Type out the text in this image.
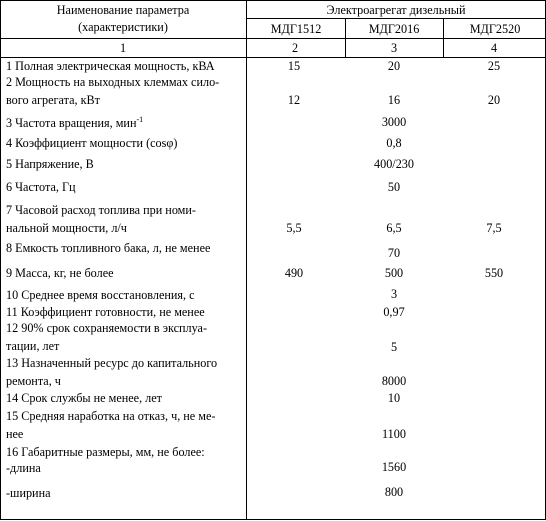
Наименование параметра
(характеристики)
Электроагрегат дизельный
МДГ1512	МДГ2016	МДГ2520
1	2	3	4
1 Полная электрическая мощность, кВА	15	20	25
2 Мощность на выходных клеммах сило-
вого агрегата, кВт	12	16	20
3 Частота вращения, мин$^{-1}$	3000
4 Коэффициент мощности (cosφ)	0,8
5 Напряжение, В	400/230
6 Частота, Гц	50
7 Часовой расход топлива при номи-
нальной мощности, л/ч	5,5	6,5	7,5
8 Емкость топливного бака, л, не менее	70
9 Масса, кг, не более	490	500	550
10 Среднее время восстановления, с	3
11 Коэффициент готовности, не менее	0,97
12 90% срок сохраняемости в эксплуа-
тации, лет	5
13 Назначенный ресурс до капитального
ремонта, ч	8000
14 Срок службы не менее, лет	10
15 Средняя наработка на отказ, ч, не ме-
нее	1100
16 Габаритные размеры, мм, не более:
-длина	1560
-ширина	800
